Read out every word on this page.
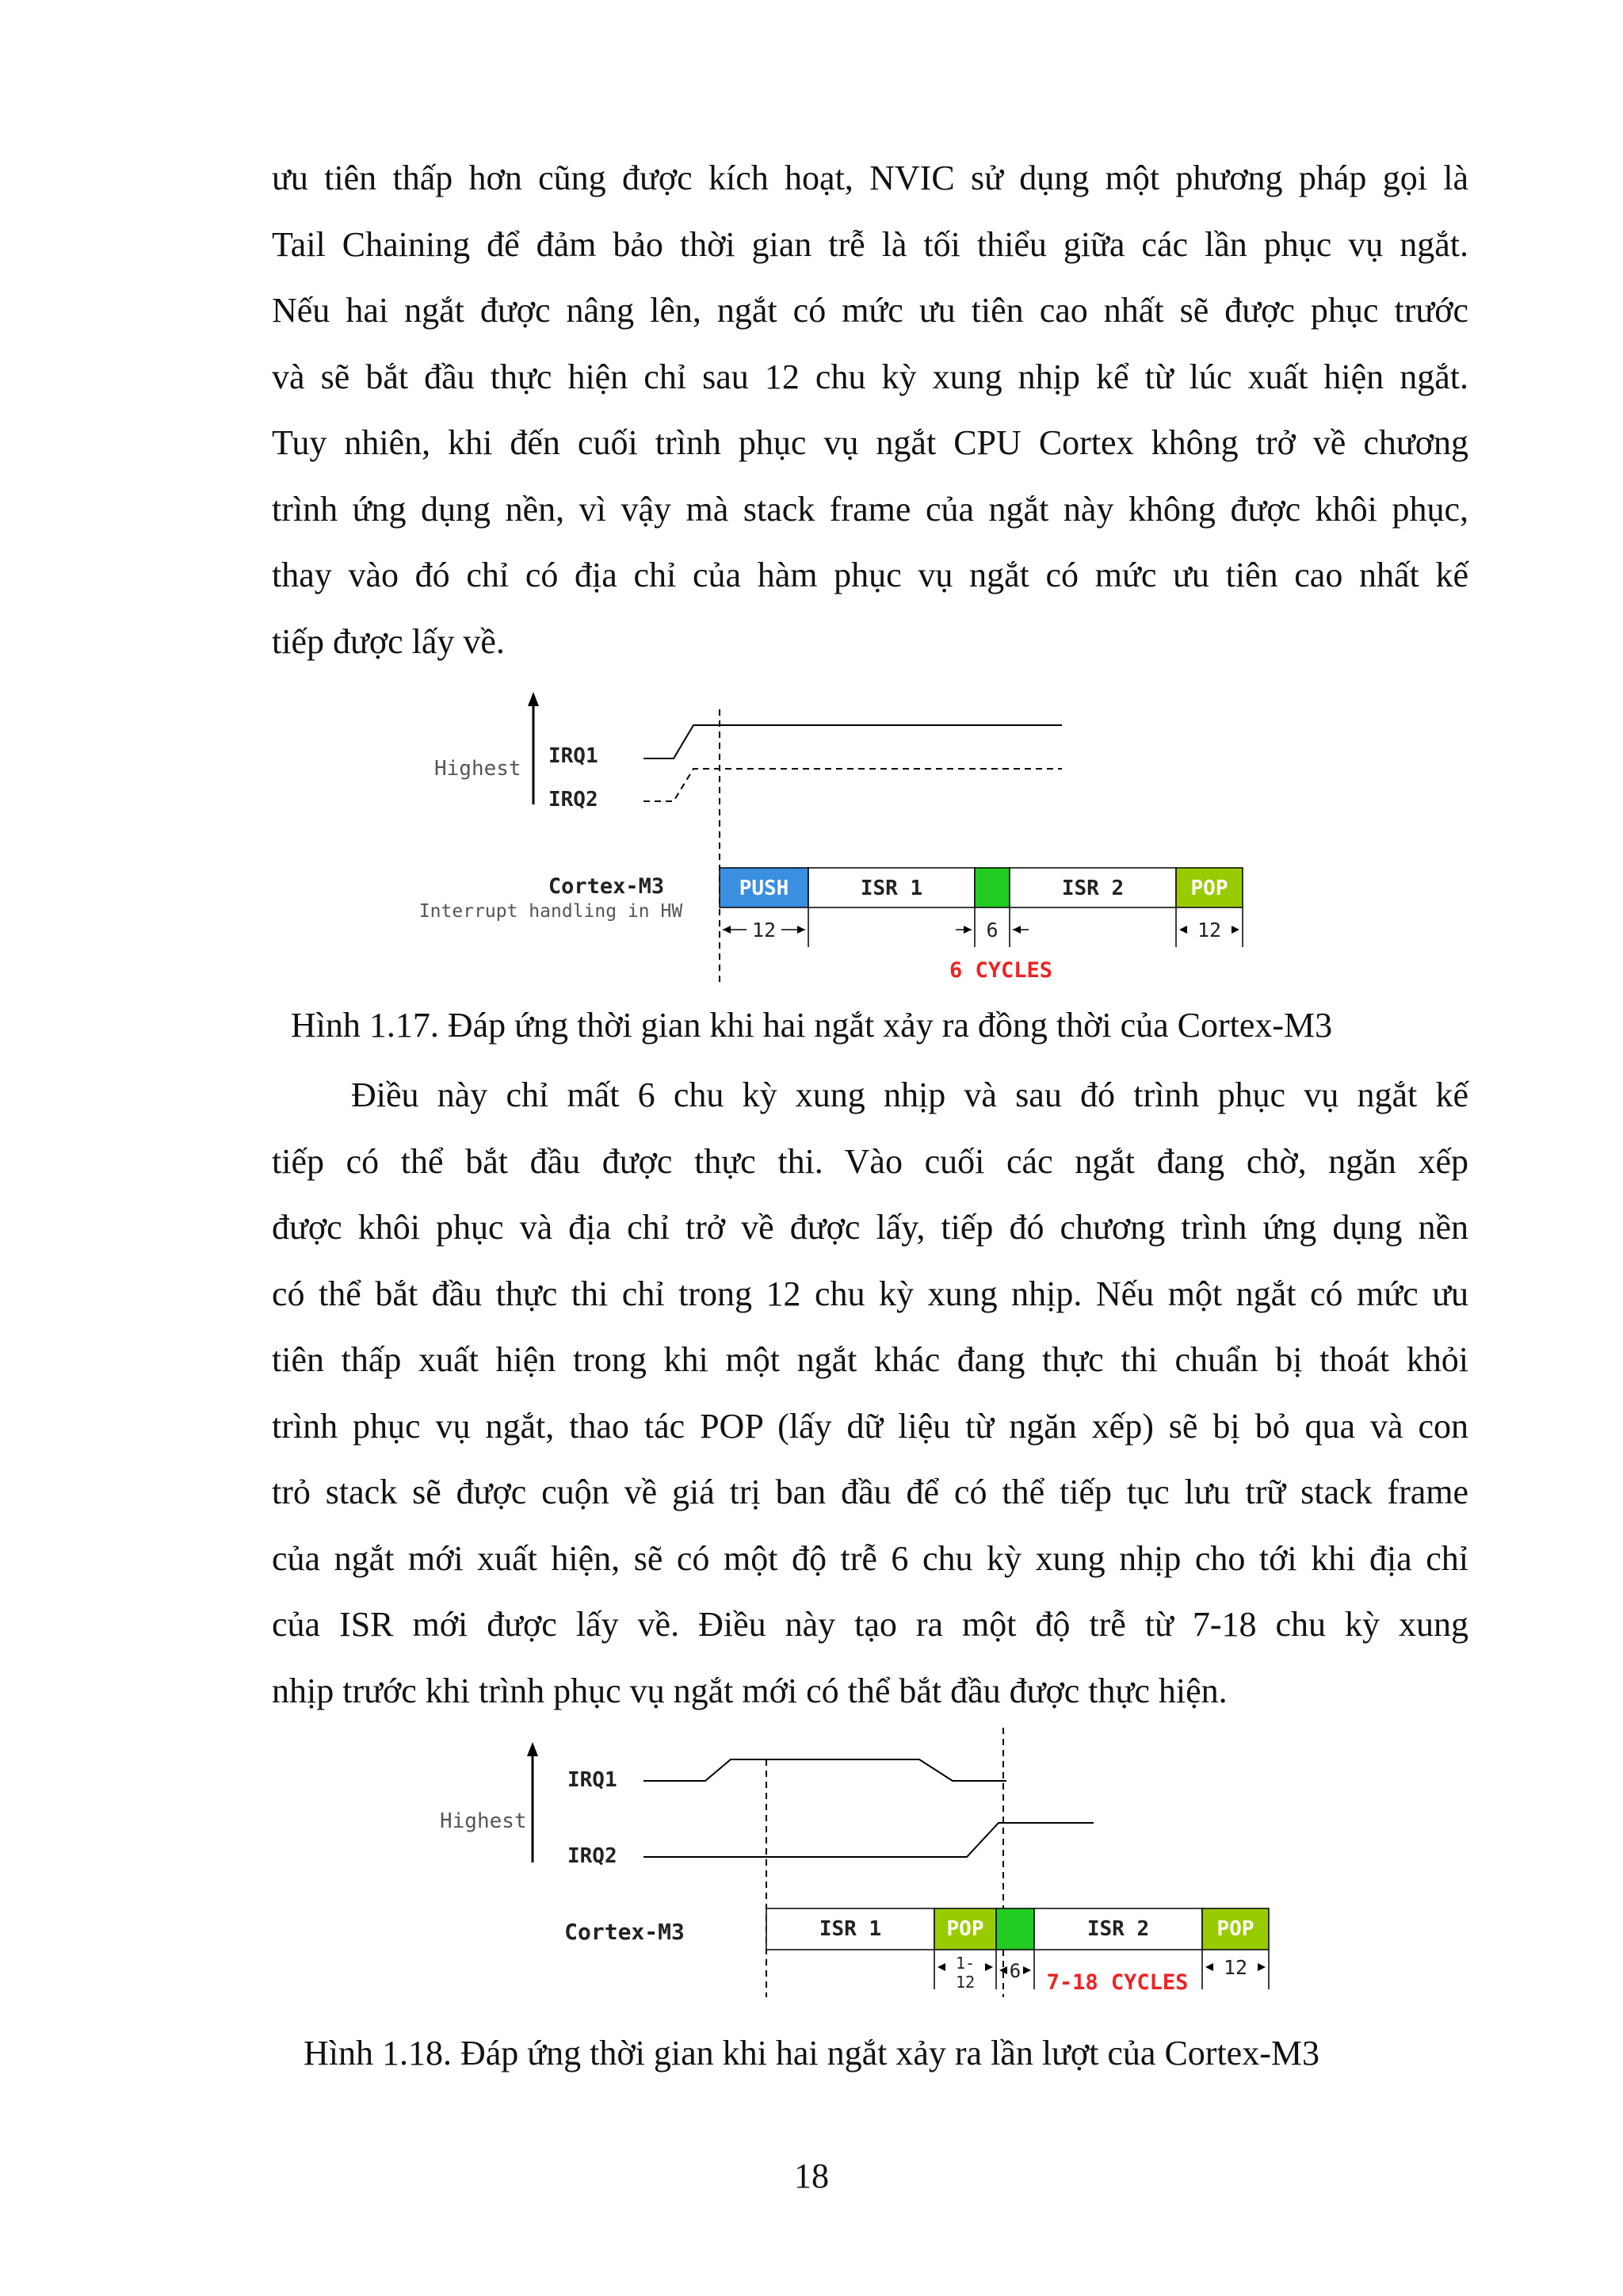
ưu tiên thấp hơn cũng được kích hoạt, NVIC sử dụng một phương pháp gọi là
Tail Chaining để đảm bảo thời gian trễ là tối thiểu giữa các lần phục vụ ngắt.
Nếu hai ngắt được nâng lên, ngắt có mức ưu tiên cao nhất sẽ được phục trước
và sẽ bắt đầu thực hiện chỉ sau 12 chu kỳ xung nhịp kể từ lúc xuất hiện ngắt.
Tuy nhiên, khi đến cuối trình phục vụ ngắt CPU Cortex không trở về chương
trình ứng dụng nền, vì vậy mà stack frame của ngắt này không được khôi phục,
thay vào đó chỉ có địa chỉ của hàm phục vụ ngắt có mức ưu tiên cao nhất kế
tiếp được lấy về.
Highest
IRQ1
IRQ2
Cortex-M3
Interrupt handling in HW
PUSH	ISR 1	ISR 2	POP
12	6	12
6 CYCLES
Hình 1.17. Đáp ứng thời gian khi hai ngắt xảy ra đồng thời của Cortex-M3
Điều này chỉ mất 6 chu kỳ xung nhịp và sau đó trình phục vụ ngắt kế
tiếp có thể bắt đầu được thực thi. Vào cuối các ngắt đang chờ, ngăn xếp
được khôi phục và địa chỉ trở về được lấy, tiếp đó chương trình ứng dụng nền
có thể bắt đầu thực thi chỉ trong 12 chu kỳ xung nhịp. Nếu một ngắt có mức ưu
tiên thấp xuất hiện trong khi một ngắt khác đang thực thi chuẩn bị thoát khỏi
trình phục vụ ngắt, thao tác POP (lấy dữ liệu từ ngăn xếp) sẽ bị bỏ qua và con
trỏ stack sẽ được cuộn về giá trị ban đầu để có thể tiếp tục lưu trữ stack frame
của ngắt mới xuất hiện, sẽ có một độ trễ 6 chu kỳ xung nhịp cho tới khi địa chỉ
của ISR mới được lấy về. Điều này tạo ra một độ trễ từ 7-18 chu kỳ xung
nhịp trước khi trình phục vụ ngắt mới có thể bắt đầu được thực hiện.
Highest
IRQ1
IRQ2
Cortex-M3	ISR 1	POP	ISR 2	POP
1-
12 6 7-18 CYCLES
12
Hình 1.18. Đáp ứng thời gian khi hai ngắt xảy ra lần lượt của Cortex-M3
18
